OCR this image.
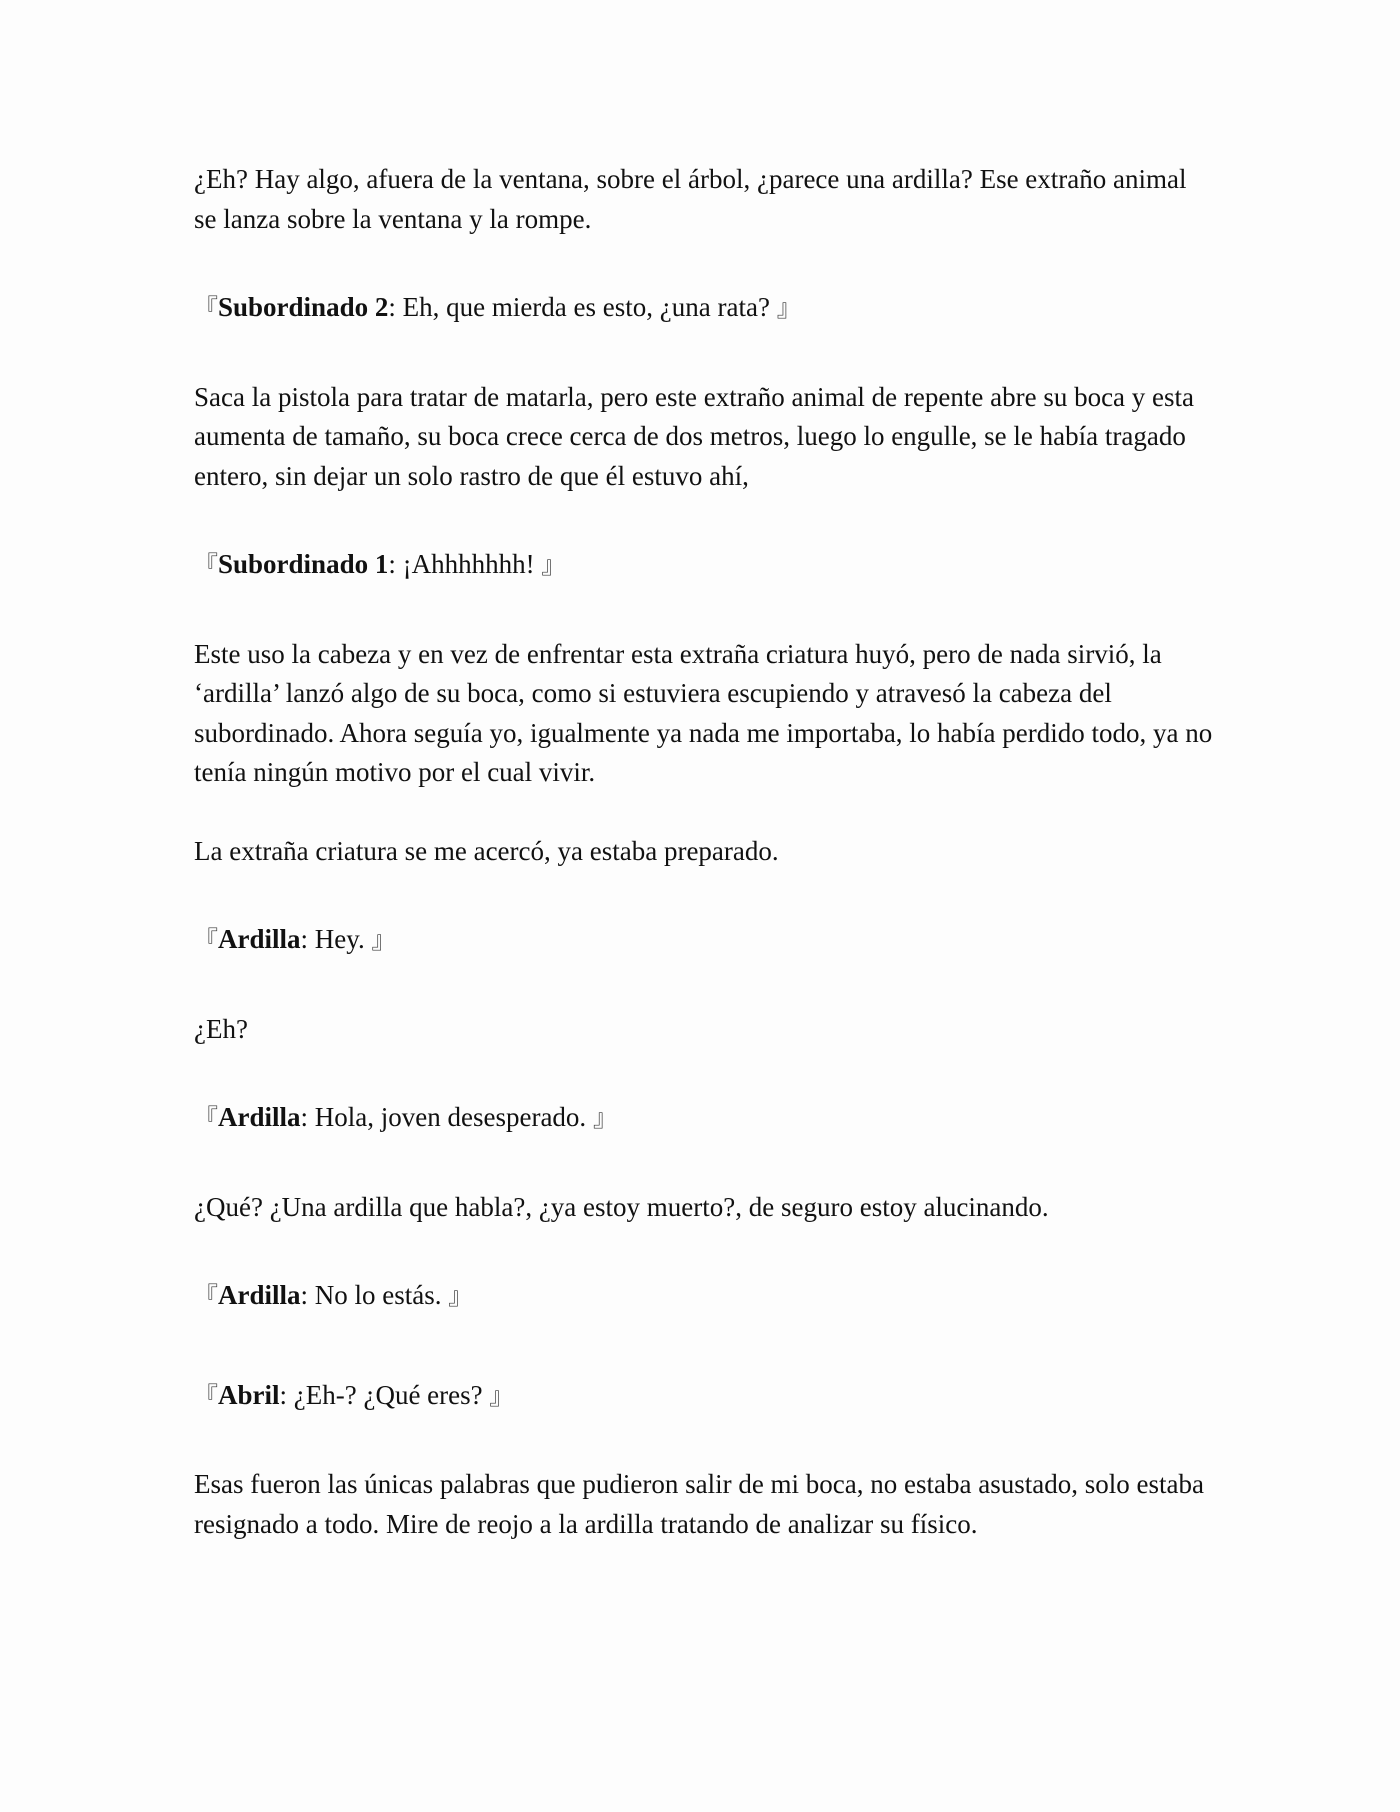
¿Eh? Hay algo, afuera de la ventana, sobre el árbol, ¿parece una ardilla? Ese extraño animal se lanza sobre la ventana y la rompe.

『Subordinado 2: Eh, que mierda es esto, ¿una rata? 』

Saca la pistola para tratar de matarla, pero este extraño animal de repente abre su boca y esta aumenta de tamaño, su boca crece cerca de dos metros, luego lo engulle, se le había tragado entero, sin dejar un solo rastro de que él estuvo ahí,

『Subordinado 1: ¡Ahhhhhhh! 』

Este uso la cabeza y en vez de enfrentar esta extraña criatura huyó, pero de nada sirvió, la ‘ardilla’ lanzó algo de su boca, como si estuviera escupiendo y atravesó la cabeza del subordinado. Ahora seguía yo, igualmente ya nada me importaba, lo había perdido todo, ya no tenía ningún motivo por el cual vivir.

La extraña criatura se me acercó, ya estaba preparado.

『Ardilla: Hey. 』

¿Eh?

『Ardilla: Hola, joven desesperado. 』

¿Qué? ¿Una ardilla que habla?, ¿ya estoy muerto?, de seguro estoy alucinando.

『Ardilla: No lo estás. 』

『Abril: ¿Eh-? ¿Qué eres? 』

Esas fueron las únicas palabras que pudieron salir de mi boca, no estaba asustado, solo estaba resignado a todo. Mire de reojo a la ardilla tratando de analizar su físico.
